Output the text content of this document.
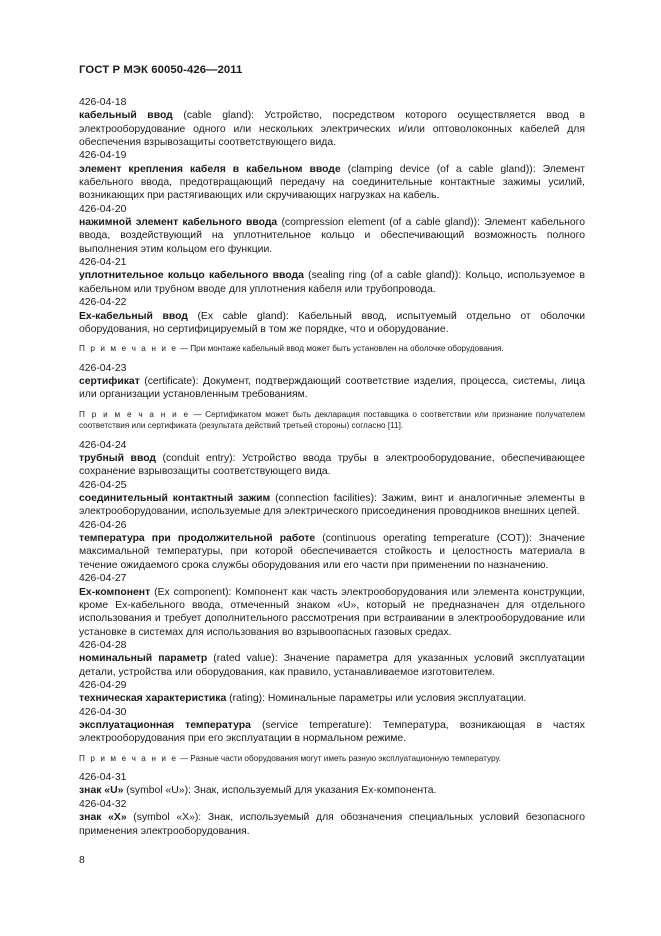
ГОСТ Р МЭК 60050-426—2011
426-04-18

кабельный ввод (cable gland): Устройство, посредством которого осуществляется ввод в электрооборудование одного или нескольких электрических и/или оптоволоконных кабелей для обеспечения взрывозащиты соответствующего вида.

426-04-19

элемент крепления кабеля в кабельном вводе (clamping device (of a cable gland)): Элемент кабельного ввода, предотвращающий передачу на соединительные контактные зажимы усилий, возникающих при растягивающих или скручивающих нагрузках на кабель.

426-04-20

нажимной элемент кабельного ввода (compression element (of a cable gland)): Элемент кабельного ввода, воздействующий на уплотнительное кольцо и обеспечивающий возможность полного выполнения этим кольцом его функции.

426-04-21

уплотнительное кольцо кабельного ввода (sealing ring (of a cable gland)): Кольцо, используемое в кабельном или трубном вводе для уплотнения кабеля или трубопровода.

426-04-22

Ex-кабельный ввод (Ex cable gland): Кабельный ввод, испытуемый отдельно от оболочки оборудования, но сертифицируемый в том же порядке, что и оборудование.

П р и м е ч а н и е — При монтаже кабельный ввод может быть установлен на оболочке оборудования.

426-04-23

сертификат (certificate): Документ, подтверждающий соответствие изделия, процесса, системы, лица или организации установленным требованиям.

П р и м е ч а н и е — Сертификатом может быть декларация поставщика о соответствии или признание получателем соответствия или сертификата (результата действий третьей стороны) согласно [11].

426-04-24

трубный ввод (conduit entry): Устройство ввода трубы в электрооборудование, обеспечивающее сохранение взрывозащиты соответствующего вида.

426-04-25

соединительный контактный зажим (connection facilities): Зажим, винт и аналогичные элементы в электрооборудовании, используемые для электрического присоединения проводников внешних цепей.

426-04-26

температура при продолжительной работе (continuous operating temperature (COT)): Значение максимальной температуры, при которой обеспечивается стойкость и целостность материала в течение ожидаемого срока службы оборудования или его части при применении по назначению.

426-04-27

Ex-компонент (Ex component): Компонент как часть электрооборудования или элемента конструкции, кроме Ex-кабельного ввода, отмеченный знаком «U», который не предназначен для отдельного использования и требует дополнительного рассмотрения при встраивании в электрооборудование или установке в системах для использования во взрывоопасных газовых средах.

426-04-28

номинальный параметр (rated value): Значение параметра для указанных условий эксплуатации детали, устройства или оборудования, как правило, устанавливаемое изготовителем.

426-04-29

техническая характеристика (rating): Номинальные параметры или условия эксплуатации.

426-04-30

эксплуатационная температура (service temperature): Температура, возникающая в частях электрооборудования при его эксплуатации в нормальном режиме.

П р и м е ч а н и е — Разные части оборудования могут иметь разную эксплуатационную температуру.

426-04-31

знак «U» (symbol «U»): Знак, используемый для указания Ex-компонента.

426-04-32

знак «X» (symbol «X»): Знак, используемый для обозначения специальных условий безопасного применения электрооборудования.

8
